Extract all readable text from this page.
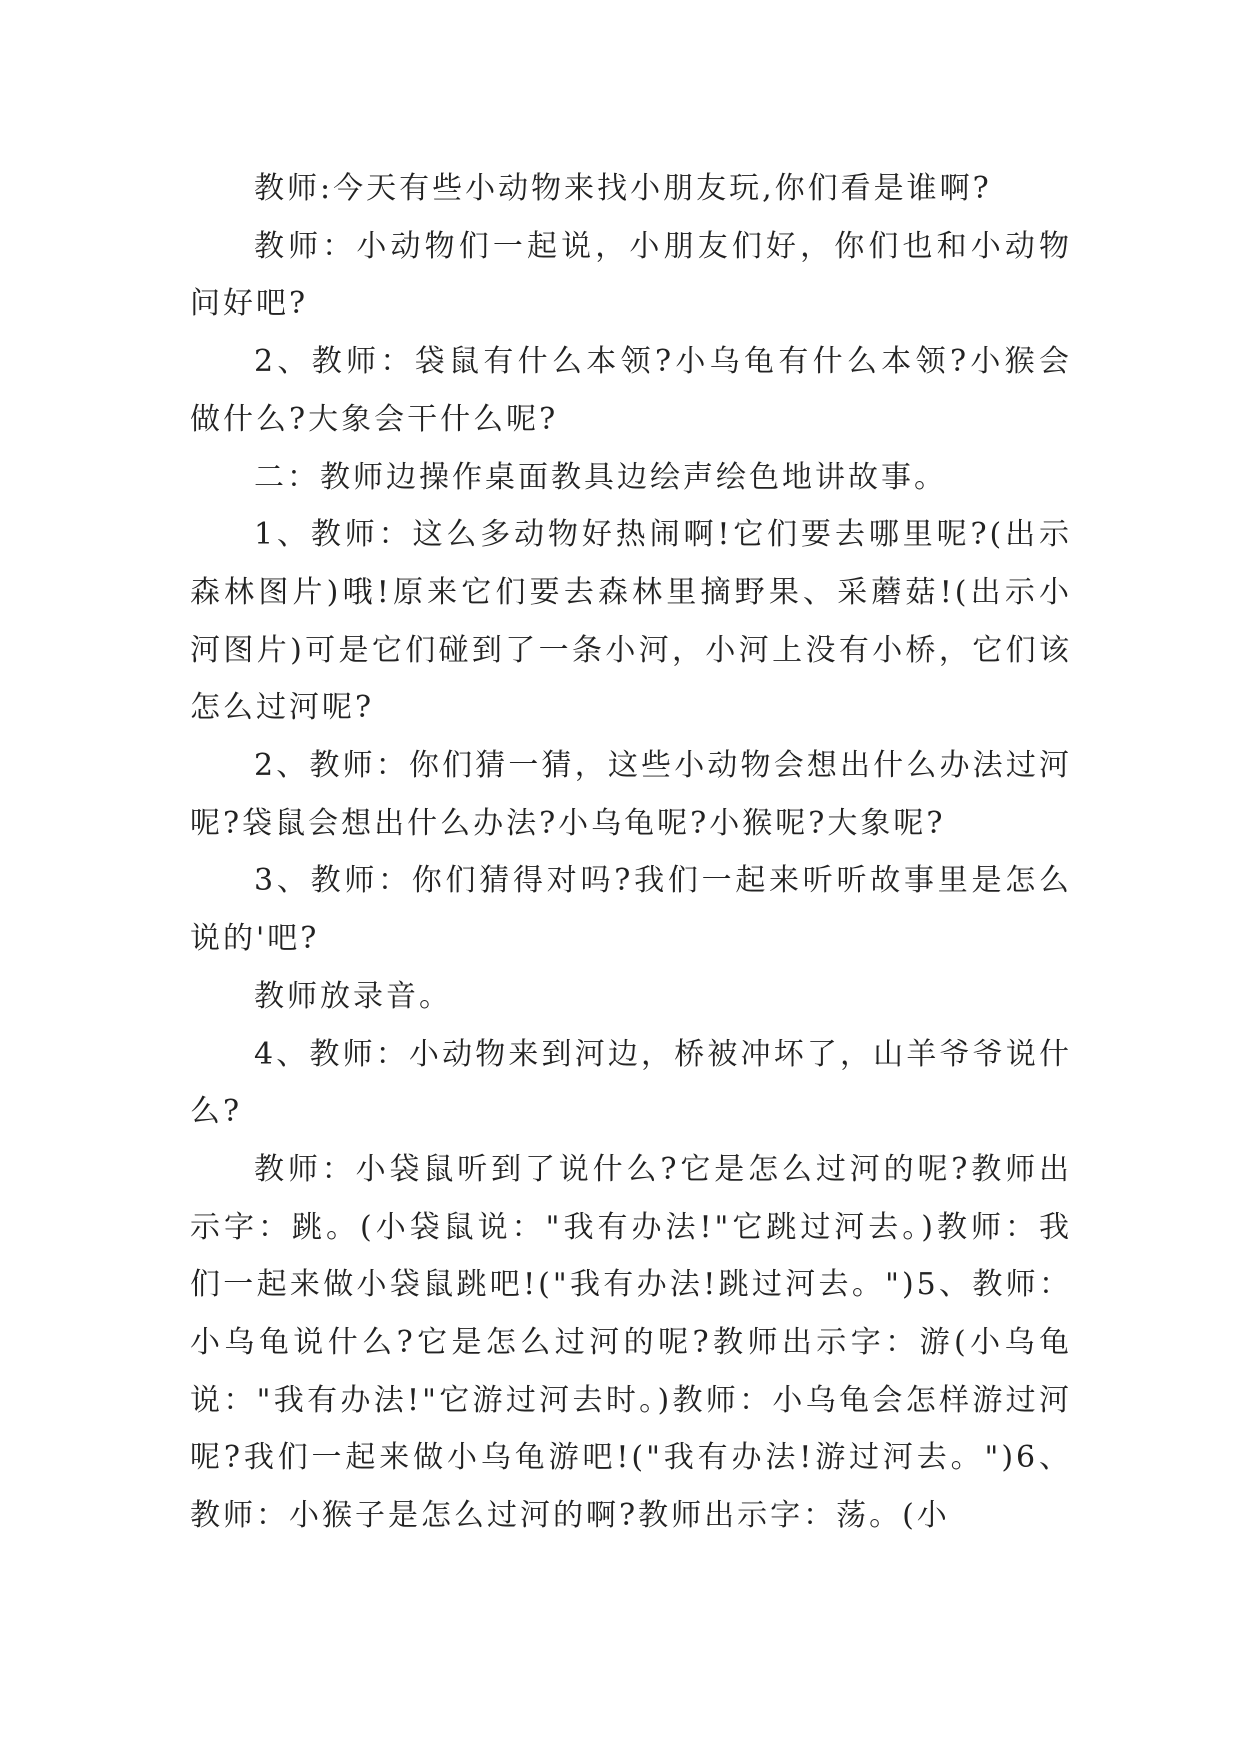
教师:今天有些小动物来找小朋友玩,你们看是谁啊?

教师：小动物们一起说，小朋友们好，你们也和小动物问好吧?

2、教师：袋鼠有什么本领?小乌龟有什么本领?小猴会做什么?大象会干什么呢?

二：教师边操作桌面教具边绘声绘色地讲故事。

1、教师：这么多动物好热闹啊!它们要去哪里呢?(出示森林图片)哦!原来它们要去森林里摘野果、采蘑菇!(出示小河图片)可是它们碰到了一条小河，小河上没有小桥，它们该怎么过河呢?

2、教师：你们猜一猜，这些小动物会想出什么办法过河呢?袋鼠会想出什么办法?小乌龟呢?小猴呢?大象呢?

3、教师：你们猜得对吗?我们一起来听听故事里是怎么说的'吧?

教师放录音。

4、教师：小动物来到河边，桥被冲坏了，山羊爷爷说什么?

教师：小袋鼠听到了说什么?它是怎么过河的呢?教师出示字：跳。(小袋鼠说："我有办法!"它跳过河去。)教师：我们一起来做小袋鼠跳吧!("我有办法!跳过河去。")5、教师：小乌龟说什么?它是怎么过河的呢?教师出示字：游(小乌龟说："我有办法!"它游过河去时。)教师：小乌龟会怎样游过河呢?我们一起来做小乌龟游吧!("我有办法!游过河去。")6、教师：小猴子是怎么过河的啊?教师出示字：荡。(小
